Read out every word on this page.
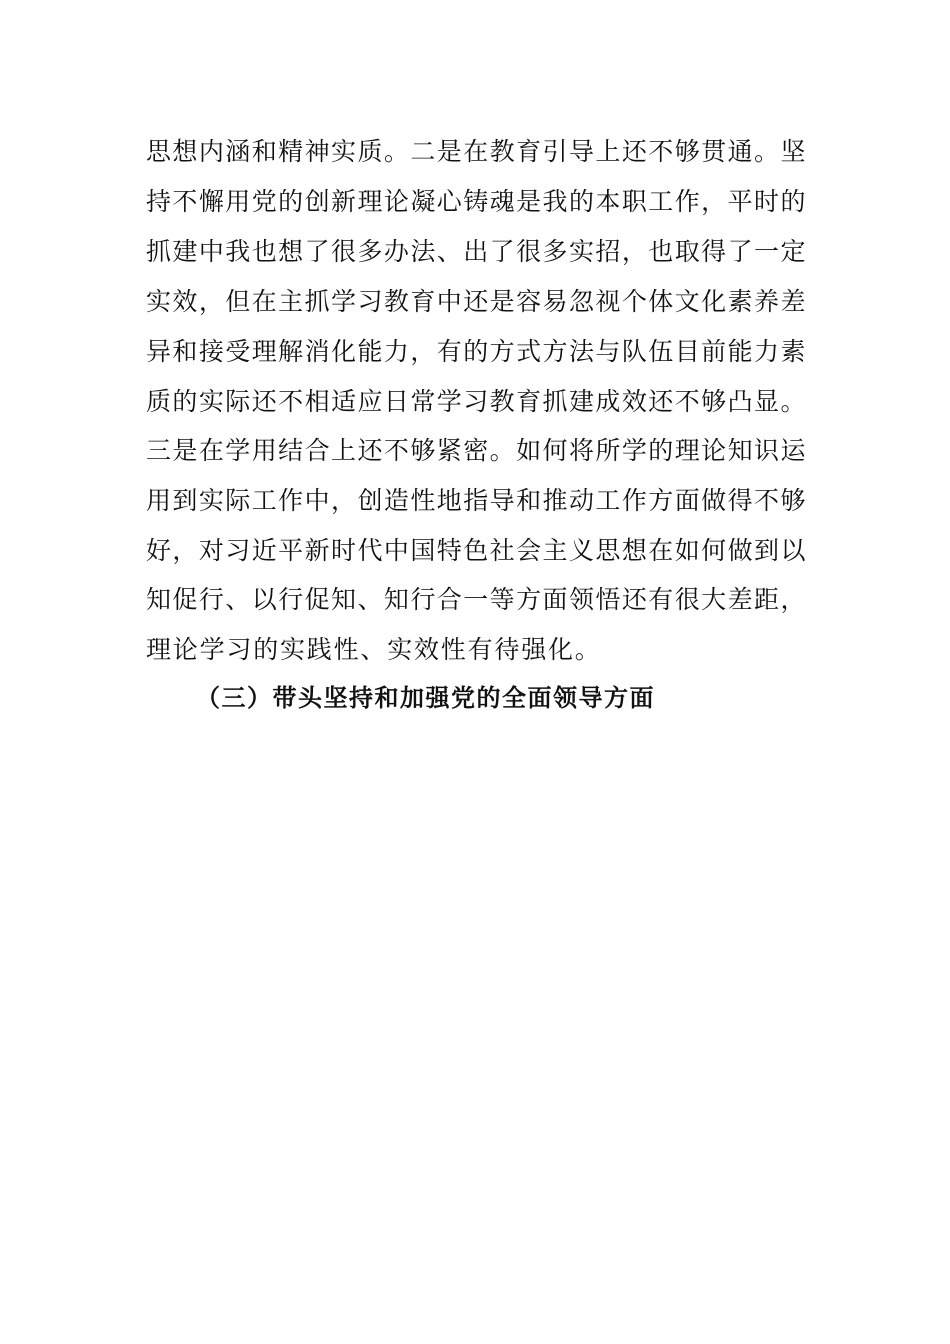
思想内涵和精神实质。二是在教育引导上还不够贯通。坚
持不懈用党的创新理论凝心铸魂是我的本职工作，平时的
抓建中我也想了很多办法、出了很多实招，也取得了一定
实效，但在主抓学习教育中还是容易忽视个体文化素养差
异和接受理解消化能力，有的方式方法与队伍目前能力素
质的实际还不相适应日常学习教育抓建成效还不够凸显。
三是在学用结合上还不够紧密。如何将所学的理论知识运
用到实际工作中，创造性地指导和推动工作方面做得不够
好，对习近平新时代中国特色社会主义思想在如何做到以
知促行、以行促知、知行合一等方面领悟还有很大差距，
理论学习的实践性、实效性有待强化。
（三）带头坚持和加强党的全面领导方面
